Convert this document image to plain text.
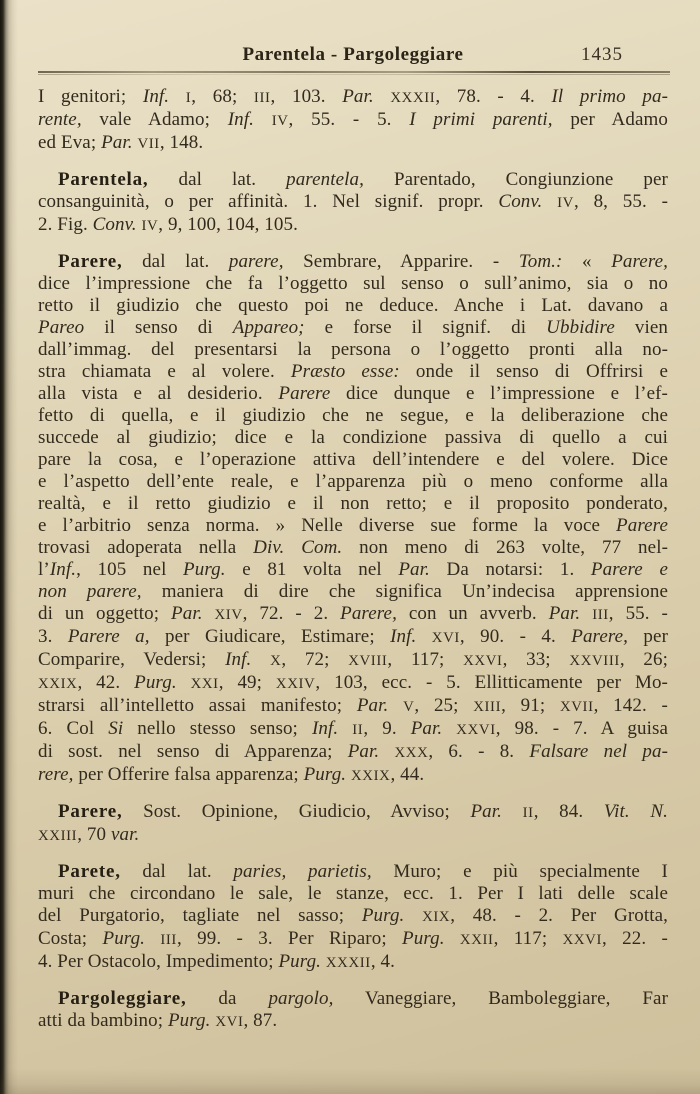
Parentela - Pargoleggiare	1435
I genitori; Inf. I, 68; III, 103. Par. XXXII, 78. - 4. Il primo pa-
rente, vale Adamo; Inf. IV, 55. - 5. I primi parenti, per Adamo
ed Eva; Par. VII, 148.
Parentela, dal lat. parentela, Parentado, Congiunzione per
consanguinità, o per affinità. 1. Nel signif. propr. Conv. IV, 8, 55. -
2. Fig. Conv. IV, 9, 100, 104, 105.
Parere, dal lat. parere, Sembrare, Apparire. - Tom.: « Parere,
dice l’impressione che fa l’oggetto sul senso o sull’animo, sia o no
retto il giudizio che questo poi ne deduce. Anche i Lat. davano a
Pareo il senso di Appareo; e forse il signif. di Ubbidire vien
dall’immag. del presentarsi la persona o l’oggetto pronti alla no-
stra chiamata e al volere. Præsto esse: onde il senso di Offrirsi e
alla vista e al desiderio. Parere dice dunque e l’impressione e l’ef-
fetto di quella, e il giudizio che ne segue, e la deliberazione che
succede al giudizio; dice e la condizione passiva di quello a cui
pare la cosa, e l’operazione attiva dell’intendere e del volere. Dice
e l’aspetto dell’ente reale, e l’apparenza più o meno conforme alla
realtà, e il retto giudizio e il non retto; e il proposito ponderato,
e l’arbitrio senza norma. » Nelle diverse sue forme la voce Parere
trovasi adoperata nella Div. Com. non meno di 263 volte, 77 nel-
l’Inf., 105 nel Purg. e 81 volta nel Par. Da notarsi: 1. Parere e
non parere, maniera di dire che significa Un’indecisa apprensione
di un oggetto; Par. XIV, 72. - 2. Parere, con un avverb. Par. III, 55. -
3. Parere a, per Giudicare, Estimare; Inf. XVI, 90. - 4. Parere, per
Comparire, Vedersi; Inf. X, 72; XVIII, 117; XXVI, 33; XXVIII, 26;
XXIX, 42. Purg. XXI, 49; XXIV, 103, ecc. - 5. Ellitticamente per Mo-
strarsi all’intelletto assai manifesto; Par. V, 25; XIII, 91; XVII, 142. -
6. Col Si nello stesso senso; Inf. II, 9. Par. XXVI, 98. - 7. A guisa
di sost. nel senso di Apparenza; Par. XXX, 6. - 8. Falsare nel pa-
rere, per Offerire falsa apparenza; Purg. XXIX, 44.
Parere, Sost. Opinione, Giudicio, Avviso; Par. II, 84. Vit. N.
XXIII, 70 var.
Parete, dal lat. paries, parietis, Muro; e più specialmente I
muri che circondano le sale, le stanze, ecc. 1. Per I lati delle scale
del Purgatorio, tagliate nel sasso; Purg. XIX, 48. - 2. Per Grotta,
Costa; Purg. III, 99. - 3. Per Riparo; Purg. XXII, 117; XXVI, 22. -
4. Per Ostacolo, Impedimento; Purg. XXXII, 4.
Pargoleggiare, da pargolo, Vaneggiare, Bamboleggiare, Far
atti da bambino; Purg. XVI, 87.
